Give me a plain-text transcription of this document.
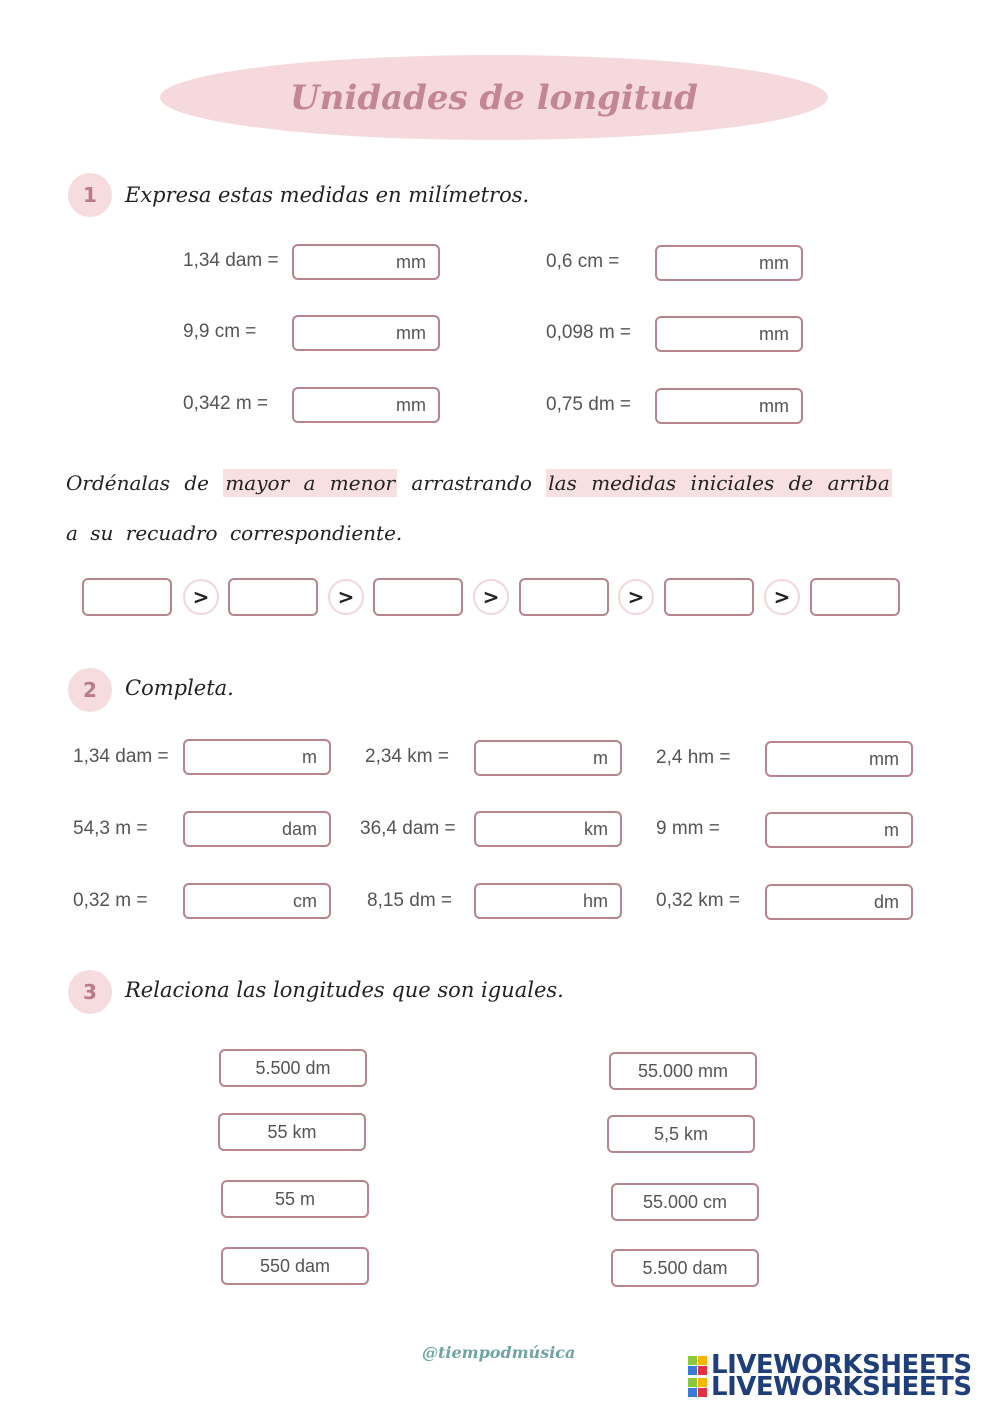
Unidades de longitud
1	Expresa estas medidas en milímetros.
1,34 dam =	mm	0,6 cm =	mm
9,9 cm =	mm	0,098 m =	mm
0,342 m =	mm	0,75 dm =	mm
Ordénalas de mayor a menor arrastrando las medidas iniciales de arriba
a su recuadro correspondiente.
>	>	>	>	>
2	Completa.
1,34 dam =	m	2,34 km =	m	2,4 hm =	mm
54,3 m =	dam 36,4 dam =	km	9 mm =	m
0,32 m =	cm	8,15 dm =	hm	0,32 km =	dm
3	Relaciona las longitudes que son iguales.
5.500 dm
55 km
55 m
550 dam
55.000 mm
5,5 km
55.000 cm
5.500 dam
@tiempodmúsica	LIVEWORKSHEETS
LIVEWORKSHEETS
